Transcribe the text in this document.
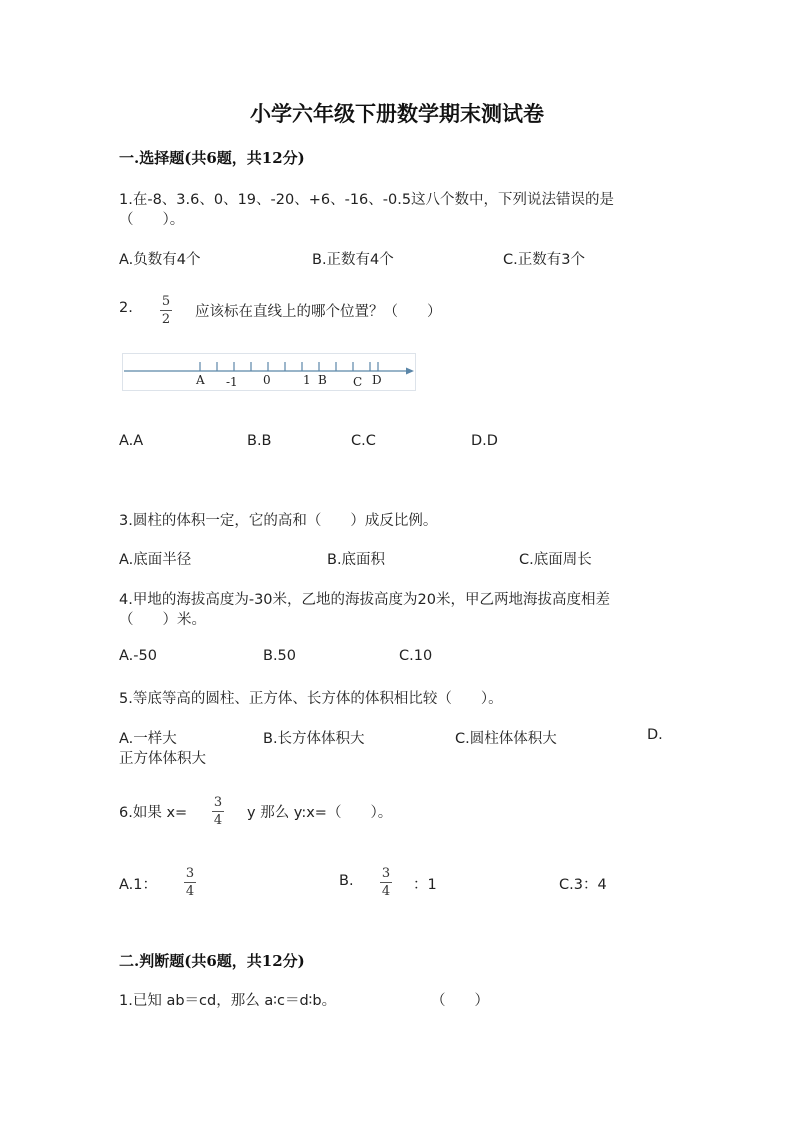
小学六年级下册数学期末测试卷
一.选择题(共6题，共12分)
1.在-8、3.6、0、19、-20、+6、-16、-0.5这八个数中，下列说法错误的是
（　　）。
A.负数有4个	B.正数有4个	C.正数有3个
2. 5
2 应该标在直线上的哪个位置？（　　）
A -1 0	1 B C D
A.A	B.B	C.C	D.D
3.圆柱的体积一定，它的高和（　　）成反比例。
A.底面半径	B.底面积	C.底面周长
4.甲地的海拔高度为-30米，乙地的海拔高度为20米，甲乙两地海拔高度相差
（　　）米。
A.-50	B.50	C.10
5.等底等高的圆柱、正方体、长方体的体积相比较（　　）。
A.一样大	B.长方体体积大	C.圆柱体体积大	D.
正方体体积大
6.如果 x=
3
4 y 那么 y:x=（　　）。
A.1：
3
4
B. 3
4 ：1	C.3：4
二.判断题(共6题，共12分)
1.已知 ab＝cd，那么 a∶c＝d∶b。	（　　）
